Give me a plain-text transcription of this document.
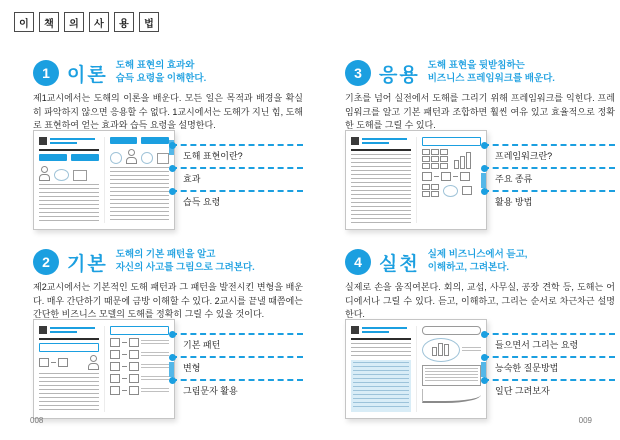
이	책	의	사	용	법
1 이론 도해 표현의 효과와
습득 요령을 이해한다.

제1교시에서는 도해의 이론을 배운다. 모든 일은 목적과 배경을 확실히 파악하지 않으면 응용할 수 없다. 1교시에서는 도해가 지닌 힘, 도해로 표현하여 얻는 효과와 습득 요령을 설명한다.

도해 표현이란?
효과
습득 요령
2 기본 도해의 기본 패턴을 알고
자신의 사고를 그림으로 그려본다.

제2교시에서는 기본적인 도해 패턴과 그 패턴을 발전시킨 변형을 배운다. 매우 간단하기 때문에 금방 이해할 수 있다. 2교시를 끝낼 때쯤에는 간단한 비즈니스 모델의 도해를 정확히 그릴 수 있을 것이다.

기본 패턴
변형
그림문자 활용
3 응용 도해 표현을 뒷받침하는
비즈니스 프레임워크를 배운다.

기초를 넘어 실전에서 도해를 그리기 위해 프레임워크를 익힌다. 프레임워크를 알고 기본 패턴과 조합하면 훨씬 여유 있고 효율적으로 정확한 도해를 그릴 수 있다.

프레임워크란?
주요 종류
활용 방법
4 실천 실제 비즈니스에서 듣고,
이해하고, 그려본다.

실제로 손을 움직여본다. 회의, 교섭, 사무실, 공장 견학 등, 도해는 어디에서나 그릴 수 있다. 듣고, 이해하고, 그리는 순서로 차근차근 설명한다.

들으면서 그리는 요령
능숙한 질문방법
일단 그려보자
008	009
